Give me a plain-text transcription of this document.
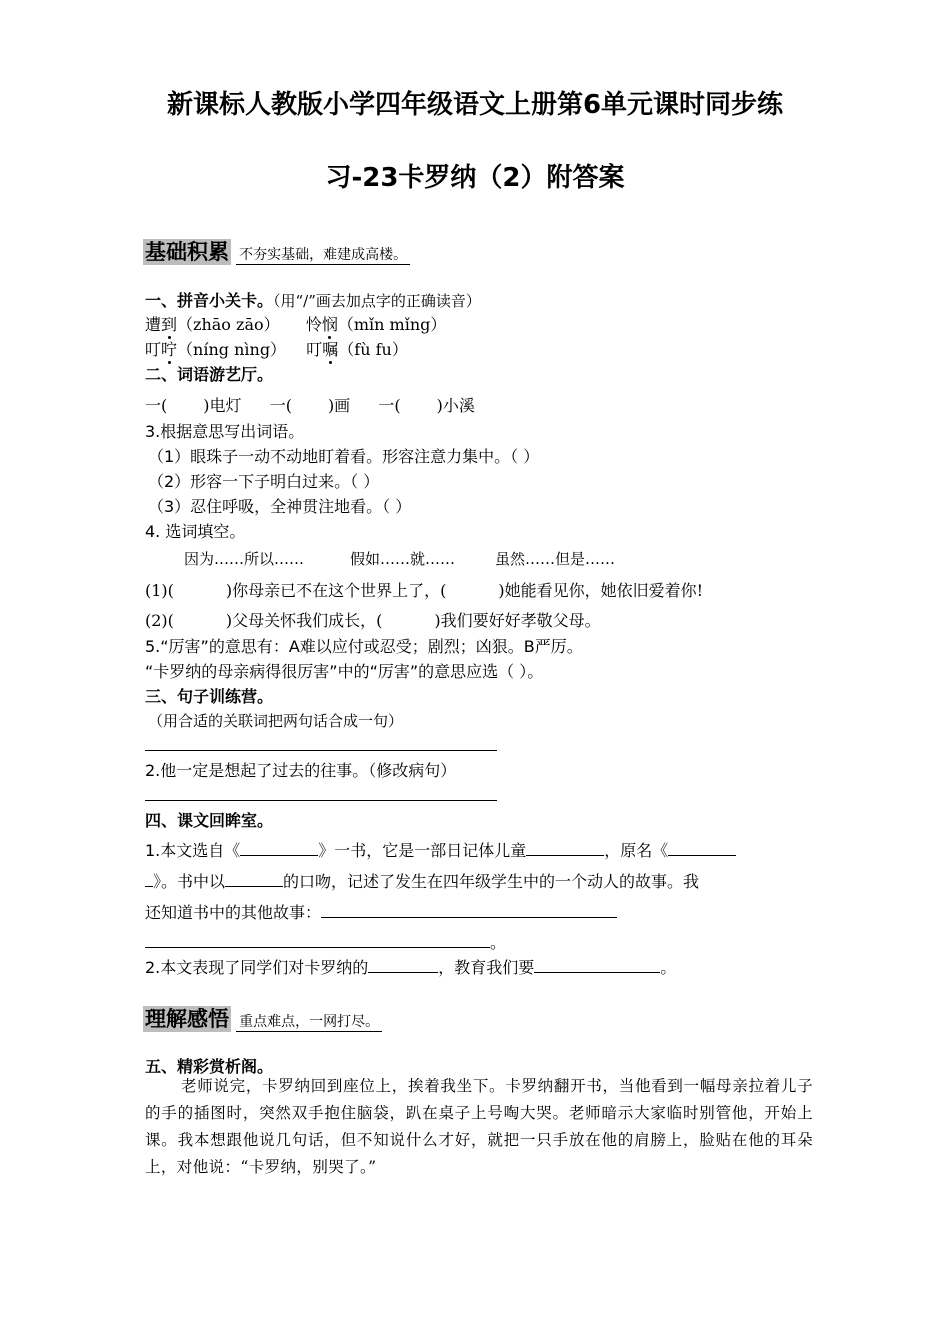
新课标人教版小学四年级语文上册第6单元课时同步练
习-23卡罗纳（2）附答案
基础积累 不夯实基础，难建成高楼。
一、拼音小关卡。（用“/”画去加点字的正确读音）
遭到（zhāo zāo） 怜悯（mǐn mǐng）
叮咛（níng nìng） 叮嘱（fù fu）
二、词语游艺厅。
一( )电灯 一( )画 一( )小溪
3.根据意思写出词语。
（1）眼珠子一动不动地盯着看。形容注意力集中。（ ）
（2）形容一下子明白过来。（ ）
（3）忍住呼吸，全神贯注地看。（ ）
4. 选词填空。
因为……所以……	假如……就……	虽然……但是……
(1)(	)你母亲已不在这个世界上了，(	)她能看见你，她依旧爱着你!
(2)(	)父母关怀我们成长，(	)我们要好好孝敬父母。
5.“厉害”的意思有：A难以应付或忍受；剧烈；凶狠。B严厉。
“卡罗纳的母亲病得很厉害”中的“厉害”的意思应选（ ）。
三、句子训练营。
（用合适的关联词把两句话合成一句）
2.他一定是想起了过去的往事。（修改病句）
四、课文回眸室。
1.本文选自《	》一书，它是一部日记体儿童	，原名《
》。书中以	的口吻，记述了发生在四年级学生中的一个动人的故事。我
还知道书中的其他故事：
。
2.本文表现了同学们对卡罗纳的	，教育我们要	。
理解感悟 重点难点，一网打尽。
五、精彩赏析阁。
老师说完，卡罗纳回到座位上，挨着我坐下。卡罗纳翻开书，当他看到一幅母亲拉着儿子的手的插图时，突然双手抱住脑袋，趴在桌子上号啕大哭。老师暗示大家临时别管他，开始上课。我本想跟他说几句话，但不知说什么才好，就把一只手放在他的肩膀上，脸贴在他的耳朵上，对他说：“卡罗纳，别哭了。”
